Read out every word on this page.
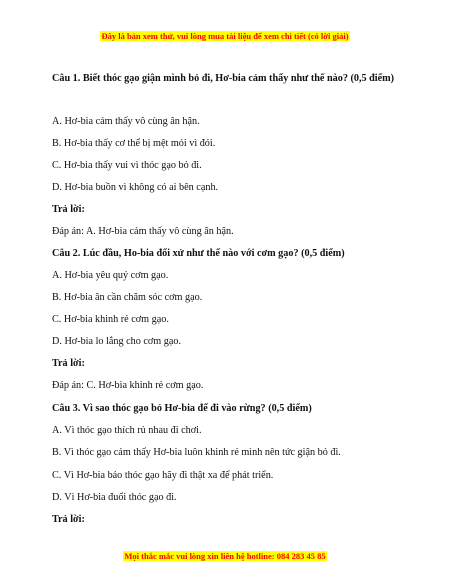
Đây là bản xem thử, vui lòng mua tài liệu để xem chi tiết (có lời giải)
Câu 1. Biết thóc gạo giận mình bỏ đi, Hơ-bia cảm thấy như thế nào? (0,5 điểm)
A. Hơ-bia cảm thấy vô cùng ân hận.
B. Hơ-bia thấy cơ thể bị mệt mỏi vì đói.
C. Hơ-bia thấy vui vì thóc gạo bỏ đi.
D. Hơ-bia buồn vì không có ai bên cạnh.
Trả lời:
Đáp án: A. Hơ-bia cảm thấy vô cùng ân hận.
Câu 2. Lúc đầu, Ho-bia đối xử như thế nào với cơm gạo? (0,5 điểm)
A. Hơ-bia yêu quý cơm gạo.
B. Hơ-bia ân cần chăm sóc cơm gạo.
C. Hơ-bia khinh rẻ cơm gạo.
D. Hơ-bia lo lắng cho cơm gạo.
Trả lời:
Đáp án: C. Hơ-bia khinh rẻ cơm gạo.
Câu 3. Vì sao thóc gạo bỏ Hơ-bia để đi vào rừng? (0,5 điểm)
A. Vì thóc gạo thích rủ nhau đi chơi.
B. Vì thóc gạo cảm thấy Hơ-bia luôn khinh rẻ mình nên tức giận bỏ đi.
C. Vì Hơ-bia bảo thóc gạo hãy đi thật xa để phát triển.
D. Vì Hơ-bia đuổi thóc gạo đi.
Trả lời:
Mọi thắc mắc vui lòng xin liên hệ hotline: 084 283 45 85
